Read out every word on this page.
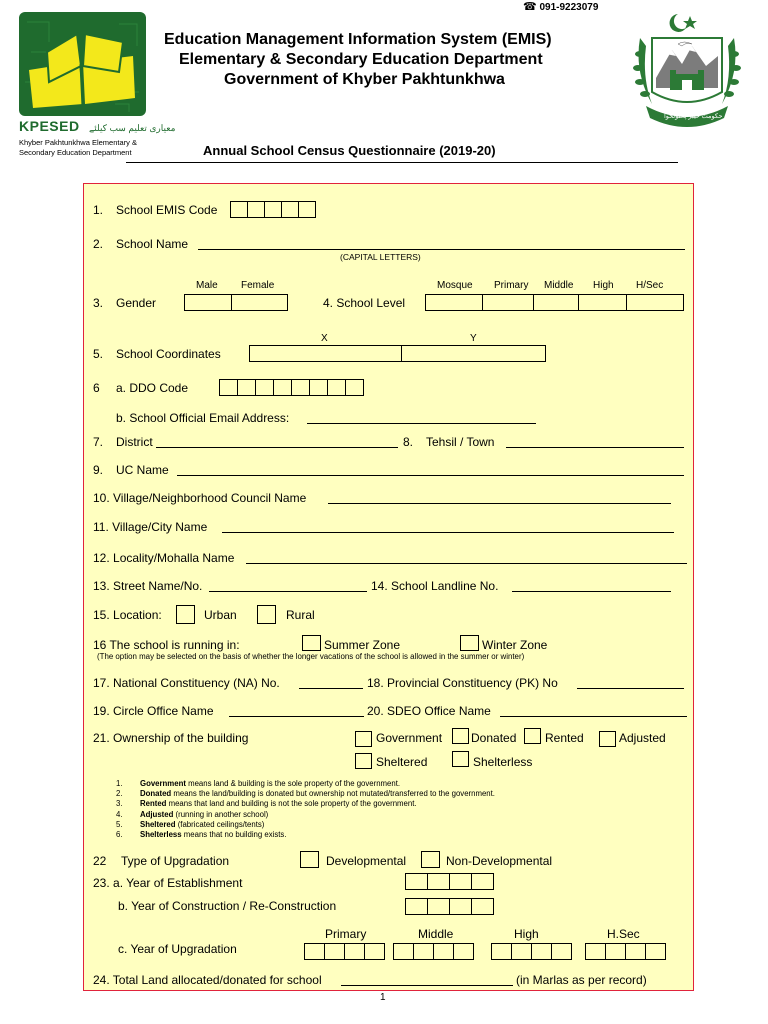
☎ 091-9223079
KPESED معیاری تعلیم سب کیلئے
Khyber Pakhtunkhwa Elementary &
Secondary Education Department
Education Management Information System (EMIS)
Elementary & Secondary Education Department
Government of Khyber Pakhtunkhwa
حکومت خیبر پختونخوا
Annual School Census Questionnaire (2019-20)
1. School EMIS Code
2. School Name
(CAPITAL LETTERS)
Male Female
3. Gender
Mosque Primary Middle High H/Sec
4. School Level
X	Y
5. School Coordinates
6 a. DDO Code
b. School Official Email Address:
7. District	8. Tehsil / Town
9. UC Name
10. Village/Neighborhood Council Name
11. Village/City Name
12. Locality/Mohalla Name
13. Street Name/No.	14. School Landline No.
15. Location:	Urban	Rural
16 The school is running in:	Summer Zone	Winter Zone
(The option may be selected on the basis of whether the longer vacations of the school is allowed in the summer or winter)
17. National Constituency (NA) No.	18. Provincial Constituency (PK) No
19. Circle Office Name	20. SDEO Office Name
21. Ownership of the building	Government Donated Rented	Adjusted
Sheltered	Shelterless
1. Government means land & building is the sole property of the government.
2. Donated means the land/building is donated but ownership not mutated/transferred to the government.
3. Rented means that land and building is not the sole property of the government.
4. Adjusted (running in another school)
5. Sheltered (fabricated ceilings/tents)
6. Shelterless means that no building exists.
22 Type of Upgradation	Developmental	Non-Developmental
23. a. Year of Establishment
b. Year of Construction / Re-Construction
Primary	Middle	High	H.Sec
c. Year of Upgradation
24. Total Land allocated/donated for school	(in Marlas as per record)
1
